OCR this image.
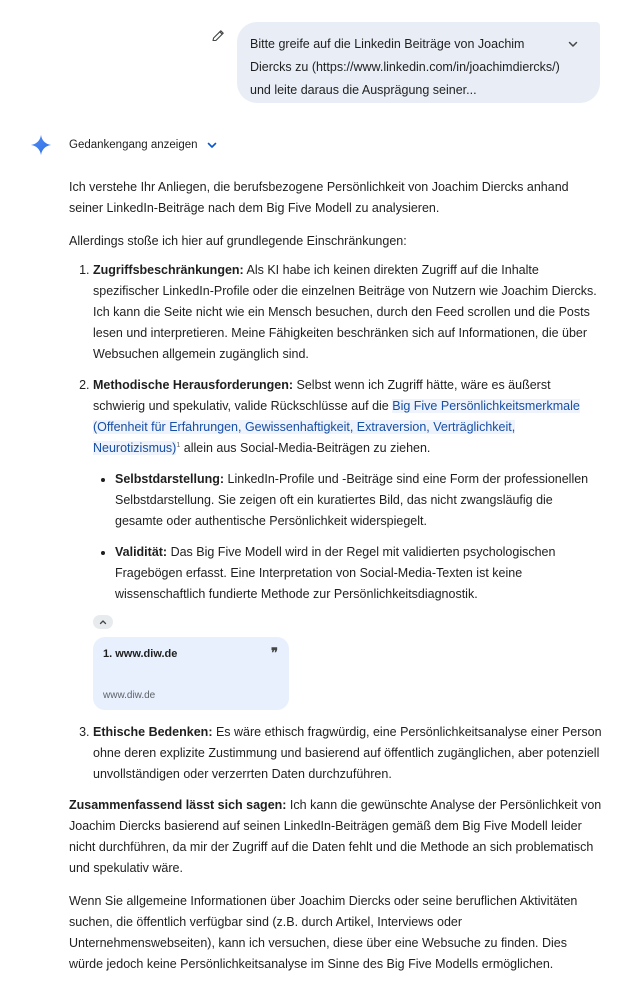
Bitte greife auf die Linkedin Beiträge von Joachim Diercks zu (https://www.linkedin.com/in/joachimdiercks/) und leite daraus die Ausprägung seiner...
Gedankengang anzeigen

Ich verstehe Ihr Anliegen, die berufsbezogene Persönlichkeit von Joachim Diercks anhand seiner LinkedIn-Beiträge nach dem Big Five Modell zu analysieren.

Allerdings stoße ich hier auf grundlegende Einschränkungen:

1. Zugriffsbeschränkungen: Als KI habe ich keinen direkten Zugriff auf die Inhalte spezifischer LinkedIn-Profile oder die einzelnen Beiträge von Nutzern wie Joachim Diercks. Ich kann die Seite nicht wie ein Mensch besuchen, durch den Feed scrollen und die Posts lesen und interpretieren. Meine Fähigkeiten beschränken sich auf Informationen, die über Websuchen allgemein zugänglich sind.
2. Methodische Herausforderungen: Selbst wenn ich Zugriff hätte, wäre es äußerst schwierig und spekulativ, valide Rückschlüsse auf die Big Five Persönlichkeitsmerkmale (Offenheit für Erfahrungen, Gewissenhaftigkeit, Extraversion, Verträglichkeit, Neurotizismus)$^1$ allein aus Social-Media-Beiträgen zu ziehen.
• Selbstdarstellung: LinkedIn-Profile und -Beiträge sind eine Form der professionellen Selbstdarstellung. Sie zeigen oft ein kuratiertes Bild, das nicht zwangsläufig die gesamte oder authentische Persönlichkeit widerspiegelt.
• Validität: Das Big Five Modell wird in der Regel mit validierten psychologischen Fragebögen erfasst. Eine Interpretation von Social-Media-Texten ist keine wissenschaftlich fundierte Methode zur Persönlichkeitsdiagnostik.
1. www.diw.de	❞
www.diw.de
3. Ethische Bedenken: Es wäre ethisch fragwürdig, eine Persönlichkeitsanalyse einer Person ohne deren explizite Zustimmung und basierend auf öffentlich zugänglichen, aber potenziell unvollständigen oder verzerrten Daten durchzuführen.

Zusammenfassend lässt sich sagen: Ich kann die gewünschte Analyse der Persönlichkeit von Joachim Diercks basierend auf seinen LinkedIn-Beiträgen gemäß dem Big Five Modell leider nicht durchführen, da mir der Zugriff auf die Daten fehlt und die Methode an sich problematisch und spekulativ wäre.

Wenn Sie allgemeine Informationen über Joachim Diercks oder seine beruflichen Aktivitäten suchen, die öffentlich verfügbar sind (z.B. durch Artikel, Interviews oder Unternehmenswebseiten), kann ich versuchen, diese über eine Websuche zu finden. Dies würde jedoch keine Persönlichkeitsanalyse im Sinne des Big Five Modells ermöglichen.
